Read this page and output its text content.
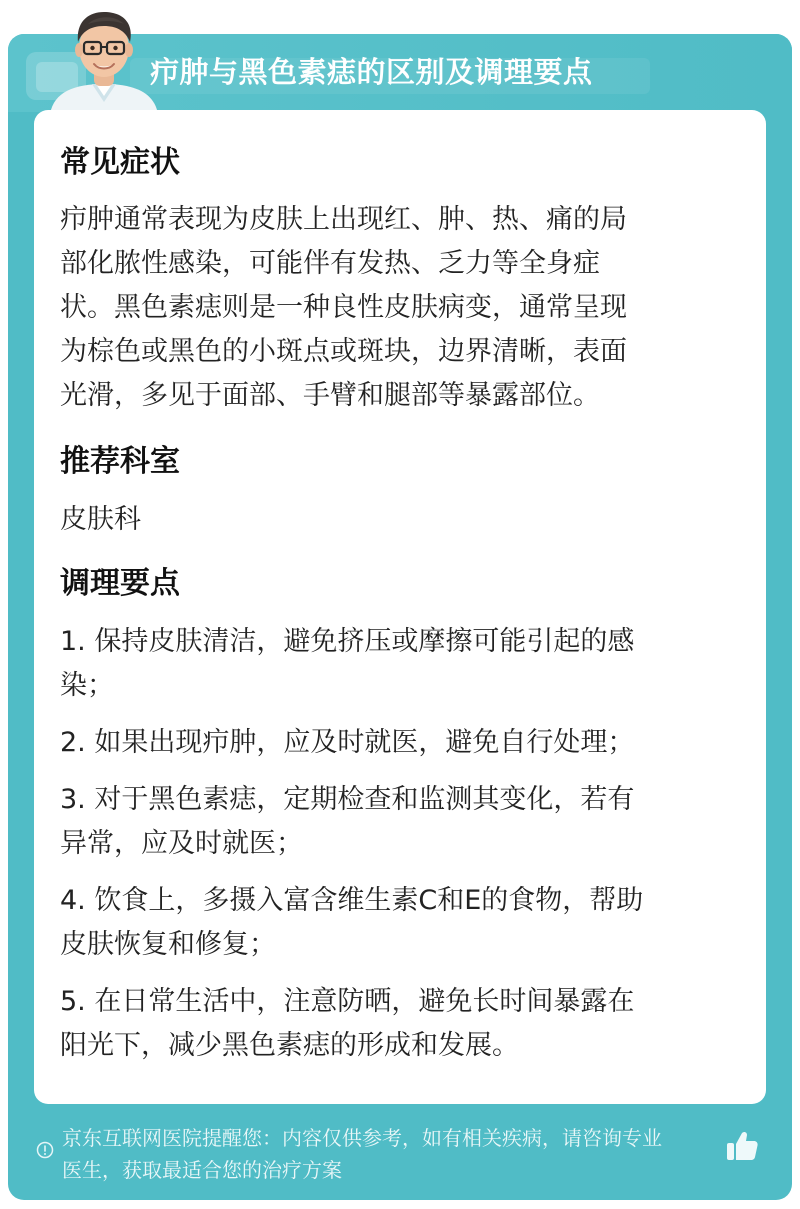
疖肿与黑色素痣的区别及调理要点
常见症状
疖肿通常表现为皮肤上出现红、肿、热、痛的局
部化脓性感染，可能伴有发热、乏力等全身症
状。黑色素痣则是一种良性皮肤病变，通常呈现
为棕色或黑色的小斑点或斑块，边界清晰，表面
光滑，多见于面部、手臂和腿部等暴露部位。
推荐科室
皮肤科
调理要点
1. 保持皮肤清洁，避免挤压或摩擦可能引起的感
染；
2. 如果出现疖肿，应及时就医，避免自行处理；
3. 对于黑色素痣，定期检查和监测其变化，若有
异常，应及时就医；
4. 饮食上，多摄入富含维生素C和E的食物，帮助
皮肤恢复和修复；
5. 在日常生活中，注意防晒，避免长时间暴露在
阳光下，减少黑色素痣的形成和发展。
京东互联网医院提醒您：内容仅供参考，如有相关疾病，请咨询专业
医生，获取最适合您的治疗方案
